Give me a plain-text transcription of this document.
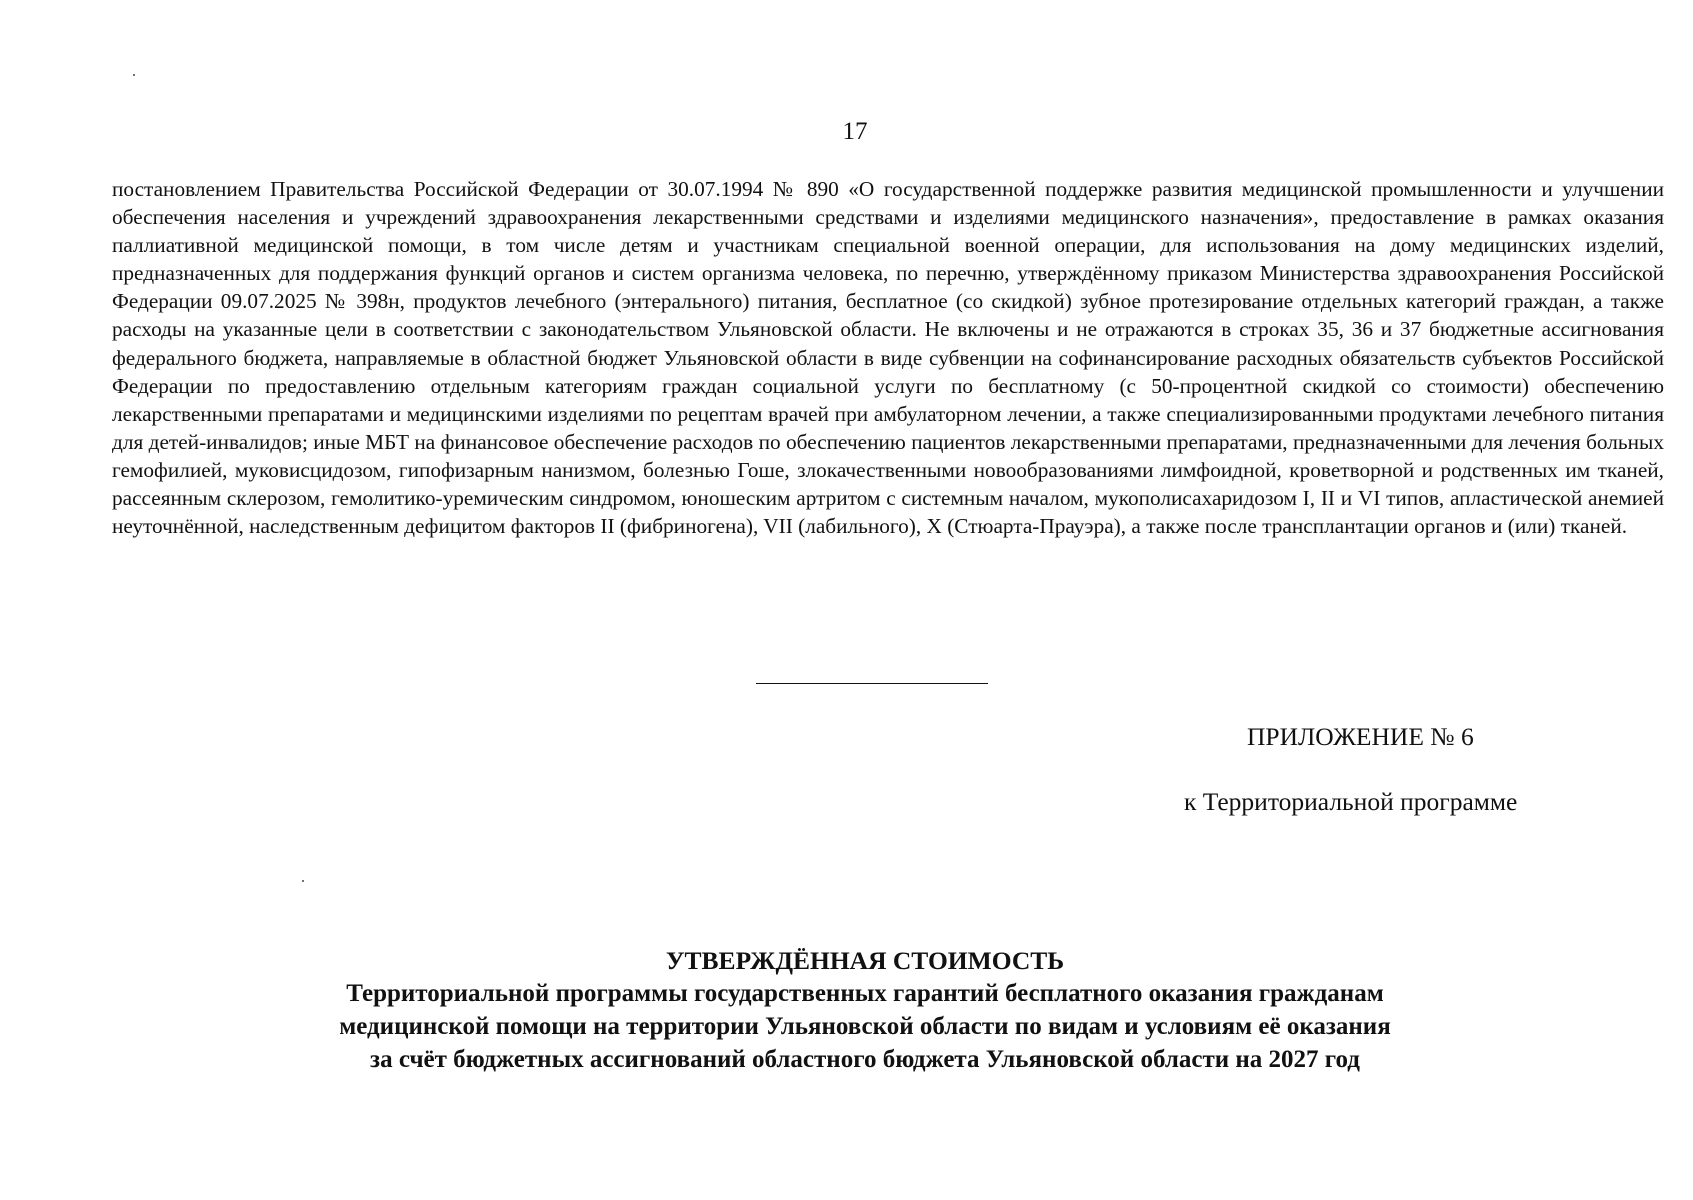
17

постановлением Правительства Российской Федерации от 30.07.1994 № 890 «О государственной поддержке развития медицинской промышленности и улучшении обеспечения населения и учреждений здравоохранения лекарственными средствами и изделиями медицинского назначения», предоставление в рамках оказания паллиативной медицинской помощи, в том числе детям и участникам специальной военной операции, для использования на дому медицинских изделий, предназначенных для поддержания функций органов и систем организма человека, по перечню, утверждённому приказом Министерства здравоохранения Российской Федерации 09.07.2025 № 398н, продуктов лечебного (энтерального) питания, бесплатное (со скидкой) зубное протезирование отдельных категорий граждан, а также расходы на указанные цели в соответствии с законодательством Ульяновской области. Не включены и не отражаются в строках 35, 36 и 37 бюджетные ассигнования федерального бюджета, направляемые в областной бюджет Ульяновской области в виде субвенции на софинансирование расходных обязательств субъектов Российской Федерации по предоставлению отдельным категориям граждан социальной услуги по бесплатному (с 50-процентной скидкой со стоимости) обеспечению лекарственными препаратами и медицинскими изделиями по рецептам врачей при амбулаторном лечении, а также специализированными продуктами лечебного питания для детей-инвалидов; иные МБТ на финансовое обеспечение расходов по обеспечению пациентов лекарственными препаратами, предназначенными для лечения больных гемофилией, муковисцидозом, гипофизарным нанизмом, болезнью Гоше, злокачественными новообразованиями лимфоидной, кроветворной и родственных им тканей, рассеянным склерозом, гемолитико-уремическим синдромом, юношеским артритом с системным началом, мукополисахаридозом I, II и VI типов, апластической анемией неуточнённой, наследственным дефицитом факторов II (фибриногена), VII (лабильного), X (Стюарта-Прауэра), а также после трансплантации органов и (или) тканей.

ПРИЛОЖЕНИЕ № 6
к Территориальной программе

УТВЕРЖДЁННАЯ СТОИМОСТЬ

Территориальной программы государственных гарантий бесплатного оказания гражданам

медицинской помощи на территории Ульяновской области по видам и условиям её оказания

за счёт бюджетных ассигнований областного бюджета Ульяновской области на 2027 год
